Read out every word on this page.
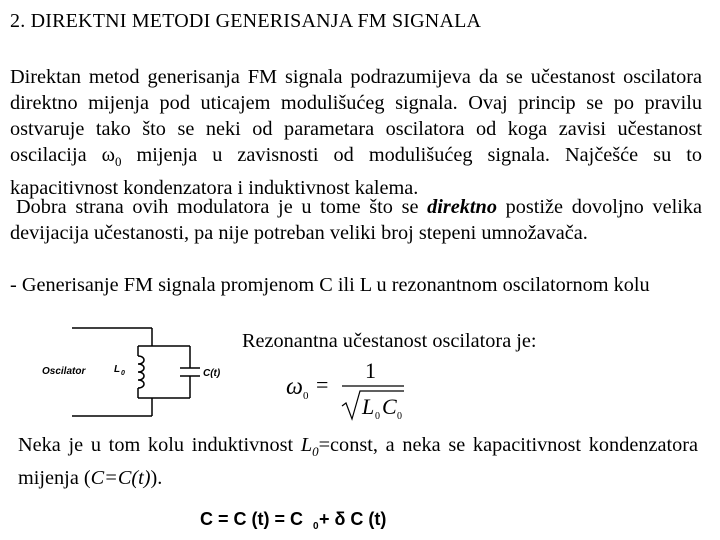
2. DIREKTNI METODI GENERISANJA FM SIGNALA
Direktan metod generisanja FM signala podrazumijeva da se učestanost oscilatora direktno mijenja pod uticajem modulišućeg signala. Ovaj princip se po pravilu ostvaruje tako što se neki od parametara oscilatora od koga zavisi učestanost oscilacija $\omega_0$ mijenja u zavisnosti od modulišućeg signala. Najčešće su to kapacitivnost kondenzatora i induktivnost kalema.
Dobra strana ovih modulatora je u tome što se direktno postiže dovoljno velika devijacija učestanosti, pa nije potreban veliki broj stepeni umnožavača.
- Generisanje FM signala promjenom C ili L u rezonantnom oscilatornom kolu
Oscilator	L 0	C(t)
Rezonantna učestanost oscilatora je:
ω 0 =
1
L 0 C 0
Neka je u tom kolu induktivnost $L_0=const$, a neka se kapacitivnost kondenzatora mijenja (C=C(t)).
C = C (t) = C 0 + δ C (t)
